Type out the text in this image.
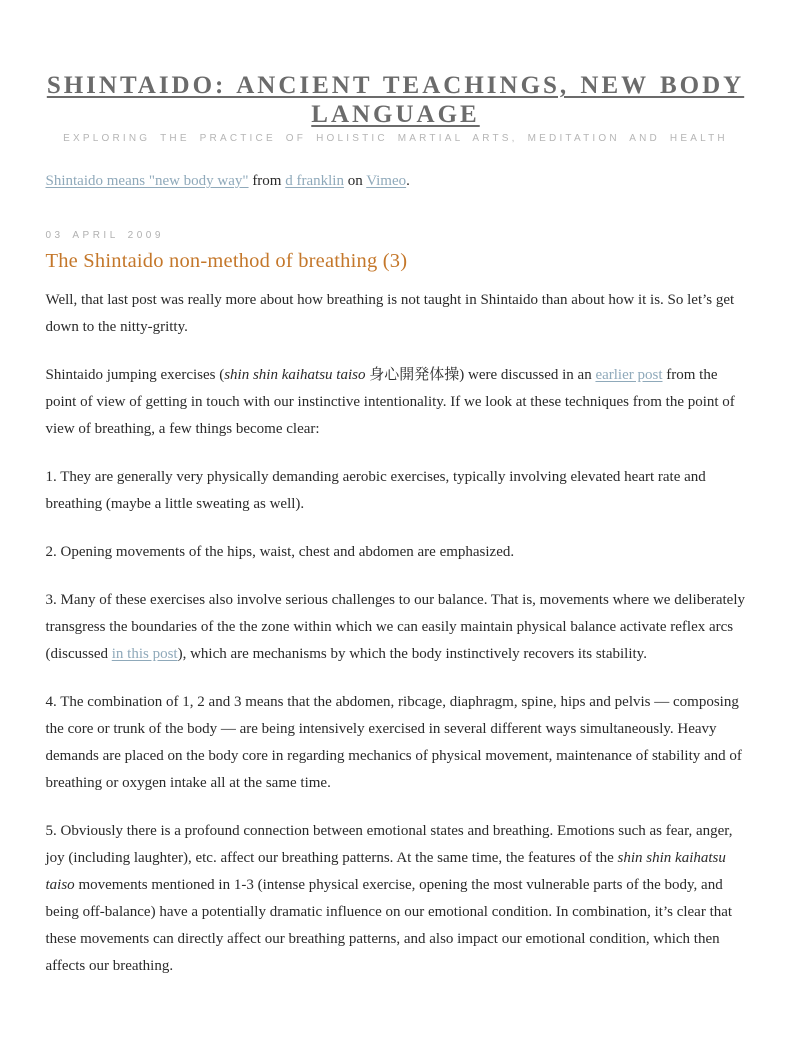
SHINTAIDO: ANCIENT TEACHINGS, NEW BODY LANGUAGE
EXPLORING THE PRACTICE OF HOLISTIC MARTIAL ARTS, MEDITATION AND HEALTH

Shintaido means "new body way" from d franklin on Vimeo.

03 APRIL 2009
The Shintaido non-method of breathing (3)

Well, that last post was really more about how breathing is not taught in Shintaido than about how it is. So let’s get down to the nitty-gritty.

Shintaido jumping exercises (shin shin kaihatsu taiso 身心開発体操) were discussed in an earlier post from the point of view of getting in touch with our instinctive intentionality. If we look at these techniques from the point of view of breathing, a few things become clear:

1. They are generally very physically demanding aerobic exercises, typically involving elevated heart rate and breathing (maybe a little sweating as well).

2. Opening movements of the hips, waist, chest and abdomen are emphasized.

3. Many of these exercises also involve serious challenges to our balance. That is, movements where we deliberately transgress the boundaries of the the zone within which we can easily maintain physical balance activate reflex arcs (discussed in this post), which are mechanisms by which the body instinctively recovers its stability.

4. The combination of 1, 2 and 3 means that the abdomen, ribcage, diaphragm, spine, hips and pelvis — composing the core or trunk of the body — are being intensively exercised in several different ways simultaneously. Heavy demands are placed on the body core in regarding mechanics of physical movement, maintenance of stability and of breathing or oxygen intake all at the same time.

5. Obviously there is a profound connection between emotional states and breathing. Emotions such as fear, anger, joy (including laughter), etc. affect our breathing patterns. At the same time, the features of the shin shin kaihatsu taiso movements mentioned in 1-3 (intense physical exercise, opening the most vulnerable parts of the body, and being off-balance) have a potentially dramatic influence on our emotional condition. In combination, it’s clear that these movements can directly affect our breathing patterns, and also impact our emotional condition, which then affects our breathing.
